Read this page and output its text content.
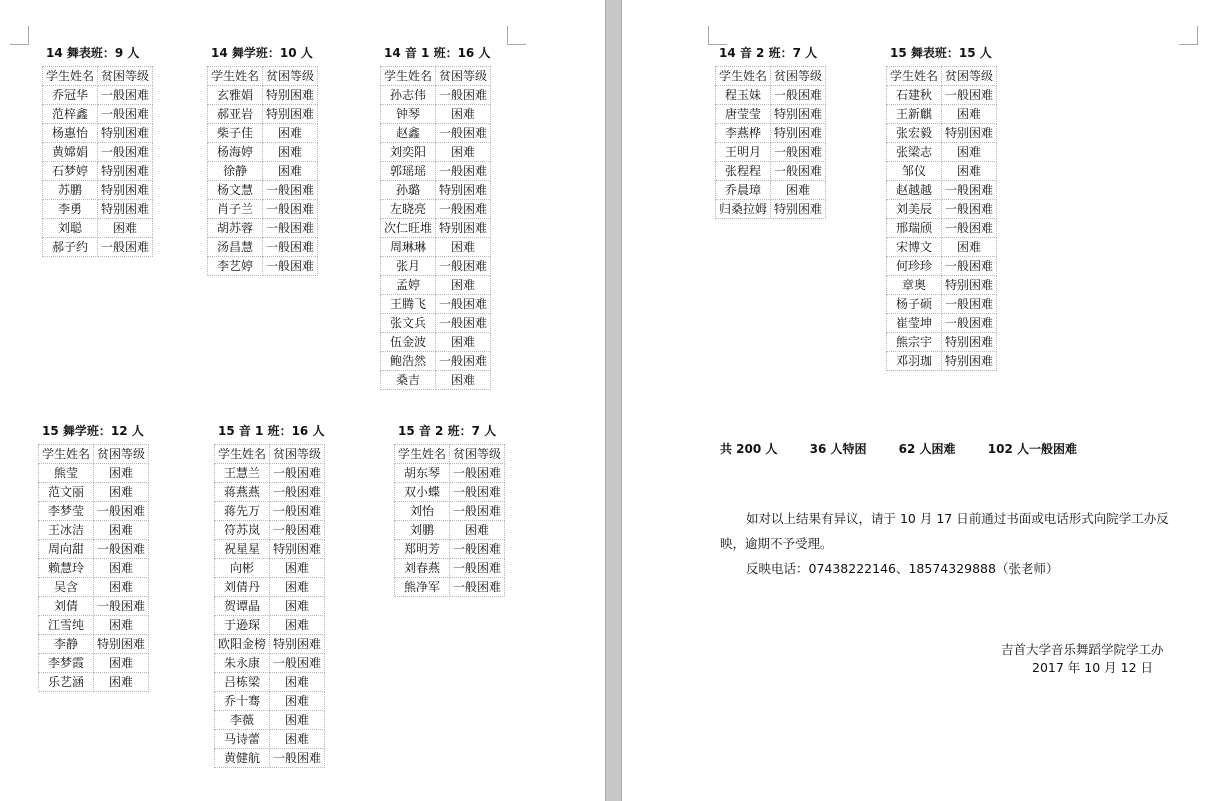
14 舞表班：9 人
学生姓名	贫困等级
乔冠华	一般困难
范梓鑫	一般困难
杨惠怡	特别困难
黄嫦娟	一般困难
石梦婷	特别困难
苏鹏	特别困难
李勇	特别困难
刘聪	困难
郝子约	一般困难
14 舞学班：10 人
学生姓名	贫困等级
玄雅娟	特别困难
郝亚岩	特别困难
柴子佳	困难
杨海婷	困难
徐静	困难
杨文慧	一般困难
肖子兰	一般困难
胡苏蓉	一般困难
汤昌慧	一般困难
李艺婷	一般困难
14 音 1 班：16 人
学生姓名	贫困等级
孙志伟	一般困难
钟琴	困难
赵鑫	一般困难
刘奕阳	困难
郭瑶瑶	一般困难
孙璐	特别困难
左晓亮	一般困难
次仁旺堆	特别困难
周琳琳	困难
张月	一般困难
孟婷	困难
王腾飞	一般困难
张文兵	一般困难
伍金波	困难
鲍浩然	一般困难
桑吉	困难
15 舞学班：12 人
学生姓名	贫困等级
熊莹	困难
范文丽	困难
李梦莹	一般困难
王冰洁	困难
周向甜	一般困难
赖慧玲	困难
吴含	困难
刘倩	一般困难
江雪纯	困难
李静	特别困难
李梦霞	困难
乐艺涵	困难
15 音 1 班：16 人
学生姓名	贫困等级
王慧兰	一般困难
蒋燕燕	一般困难
蒋先万	一般困难
符苏岚	一般困难
祝星星	特别困难
向彬	困难
刘倩丹	困难
贺谭晶	困难
于逊琛	困难
欧阳金榜	特别困难
朱永康	一般困难
吕栋梁	困难
乔十骞	困难
李薇	困难
马诗蕾	困难
黄健航	一般困难
15 音 2 班：7 人
学生姓名	贫困等级
胡东琴	一般困难
双小蝶	一般困难
刘怡	一般困难
刘鹏	困难
郑明芳	一般困难
刘春燕	一般困难
熊净军	一般困难
14 音 2 班：7 人
学生姓名	贫困等级
程玉妹	一般困难
唐莹莹	特别困难
李燕桦	特别困难
王明月	一般困难
张程程	一般困难
乔晨璋	困难
归桑拉姆	特别困难
15 舞表班：15 人
学生姓名	贫困等级
石建秋	一般困难
王新麒	困难
张宏毅	特别困难
张梁志	困难
邹仪	困难
赵越越	一般困难
刘美辰	一般困难
邢瑞颀	一般困难
宋博文	困难
何珍珍	一般困难
章奥	特别困难
杨子硕	一般困难
崔莹坤	一般困难
熊宗宇	特别困难
邓羽珈	特别困难
共 200 人	36 人特困	62 人困难	102 人一般困难
如对以上结果有异议，请于 10 月 17 日前通过书面或电话形式向院学工办反
映，逾期不予受理。
反映电话：07438222146、18574329888（张老师）
吉首大学音乐舞蹈学院学工办
2017 年 10 月 12 日
